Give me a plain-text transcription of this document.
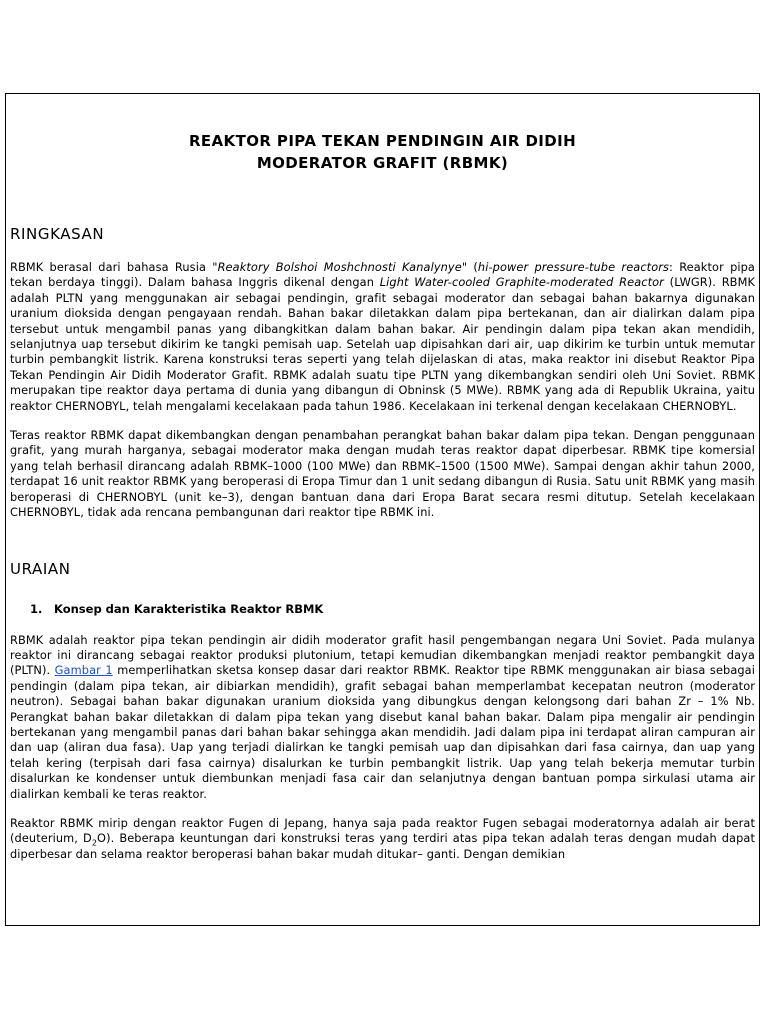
REAKTOR PIPA TEKAN PENDINGIN AIR DIDIH
MODERATOR GRAFIT (RBMK)
RINGKASAN

RBMK berasal dari bahasa Rusia "Reaktory Bolshoi Moshchnosti Kanalynye" (hi-power pressure-tube reactors: Reaktor pipa tekan berdaya tinggi). Dalam bahasa Inggris dikenal dengan Light Water-cooled Graphite-moderated Reactor (LWGR). RBMK adalah PLTN yang menggunakan air sebagai pendingin, grafit sebagai moderator dan sebagai bahan bakarnya digunakan uranium dioksida dengan pengayaan rendah. Bahan bakar diletakkan dalam pipa bertekanan, dan air dialirkan dalam pipa tersebut untuk mengambil panas yang dibangkitkan dalam bahan bakar. Air pendingin dalam pipa tekan akan mendidih, selanjutnya uap tersebut dikirim ke tangki pemisah uap. Setelah uap dipisahkan dari air, uap dikirim ke turbin untuk memutar turbin pembangkit listrik. Karena konstruksi teras seperti yang telah dijelaskan di atas, maka reaktor ini disebut Reaktor Pipa Tekan Pendingin Air Didih Moderator Grafit. RBMK adalah suatu tipe PLTN yang dikembangkan sendiri oleh Uni Soviet. RBMK merupakan tipe reaktor daya pertama di dunia yang dibangun di Obninsk (5 MWe). RBMK yang ada di Republik Ukraina, yaitu reaktor CHERNOBYL, telah mengalami kecelakaan pada tahun 1986. Kecelakaan ini terkenal dengan kecelakaan CHERNOBYL.

Teras reaktor RBMK dapat dikembangkan dengan penambahan perangkat bahan bakar dalam pipa tekan. Dengan penggunaan grafit, yang murah harganya, sebagai moderator maka dengan mudah teras reaktor dapat diperbesar. RBMK tipe komersial yang telah berhasil dirancang adalah RBMK–1000 (100 MWe) dan RBMK–1500 (1500 MWe). Sampai dengan akhir tahun 2000, terdapat 16 unit reaktor RBMK yang beroperasi di Eropa Timur dan 1 unit sedang dibangun di Rusia. Satu unit RBMK yang masih beroperasi di CHERNOBYL (unit ke–3), dengan bantuan dana dari Eropa Barat secara resmi ditutup. Setelah kecelakaan CHERNOBYL, tidak ada rencana pembangunan dari reaktor tipe RBMK ini.

URAIAN
1. Konsep dan Karakteristika Reaktor RBMK

RBMK adalah reaktor pipa tekan pendingin air didih moderator grafit hasil pengembangan negara Uni Soviet. Pada mulanya reaktor ini dirancang sebagai reaktor produksi plutonium, tetapi kemudian dikembangkan menjadi reaktor pembangkit daya (PLTN). Gambar 1 memperlihatkan sketsa konsep dasar dari reaktor RBMK. Reaktor tipe RBMK menggunakan air biasa sebagai pendingin (dalam pipa tekan, air dibiarkan mendidih), grafit sebagai bahan memperlambat kecepatan neutron (moderator neutron). Sebagai bahan bakar digunakan uranium dioksida yang dibungkus dengan kelongsong dari bahan Zr – 1% Nb. Perangkat bahan bakar diletakkan di dalam pipa tekan yang disebut kanal bahan bakar. Dalam pipa mengalir air pendingin bertekanan yang mengambil panas dari bahan bakar sehingga akan mendidih. Jadi dalam pipa ini terdapat aliran campuran air dan uap (aliran dua fasa). Uap yang terjadi dialirkan ke tangki pemisah uap dan dipisahkan dari fasa cairnya, dan uap yang telah kering (terpisah dari fasa cairnya) disalurkan ke turbin pembangkit listrik. Uap yang telah bekerja memutar turbin disalurkan ke kondenser untuk diembunkan menjadi fasa cair dan selanjutnya dengan bantuan pompa sirkulasi utama air dialirkan kembali ke teras reaktor.

Reaktor RBMK mirip dengan reaktor Fugen di Jepang, hanya saja pada reaktor Fugen sebagai moderatornya adalah air berat (deuterium, $D_2O$). Beberapa keuntungan dari konstruksi teras yang terdiri atas pipa tekan adalah teras dengan mudah dapat diperbesar dan selama reaktor beroperasi bahan bakar mudah ditukar– ganti. Dengan demikian
